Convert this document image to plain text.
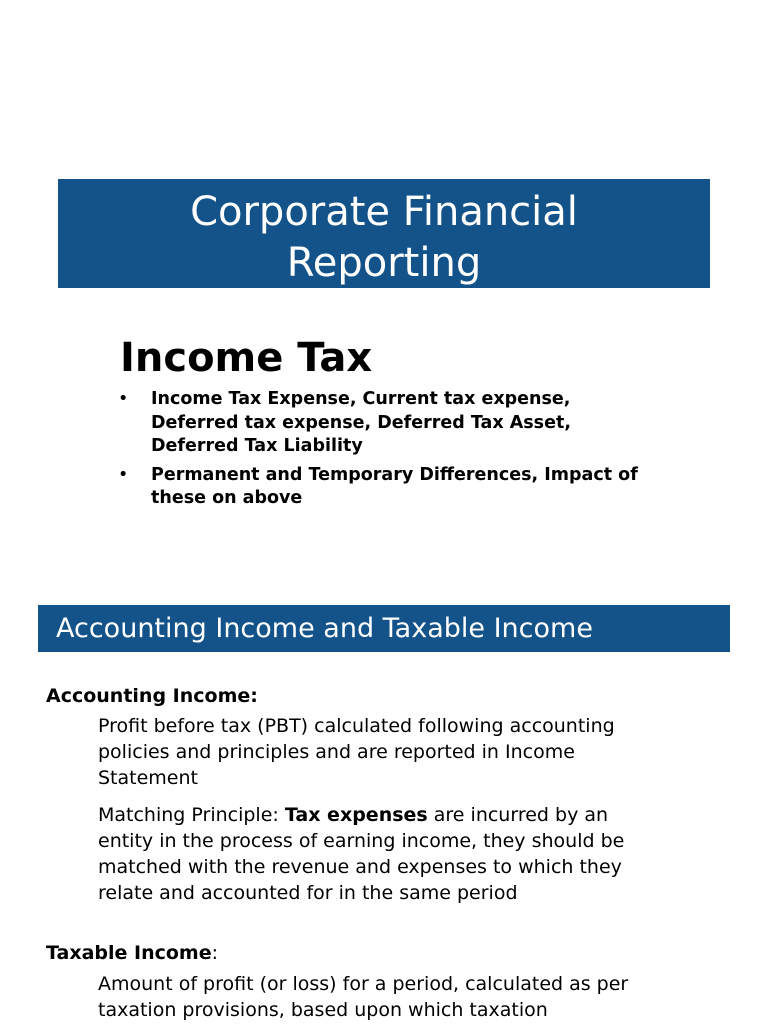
Corporate Financial
Reporting
Income Tax
• Income Tax Expense, Current tax expense,
Deferred tax expense, Deferred Tax Asset,
Deferred Tax Liability
• Permanent and Temporary Differences, Impact of
these on above
Accounting Income and Taxable Income

Accounting Income:

Profit before tax (PBT) calculated following accounting
policies and principles and are reported in Income
Statement

Matching Principle: Tax expenses are incurred by an
entity in the process of earning income, they should be
matched with the revenue and expenses to which they
relate and accounted for in the same period

Taxable Income:

Amount of profit (or loss) for a period, calculated as per
taxation provisions, based upon which taxation
